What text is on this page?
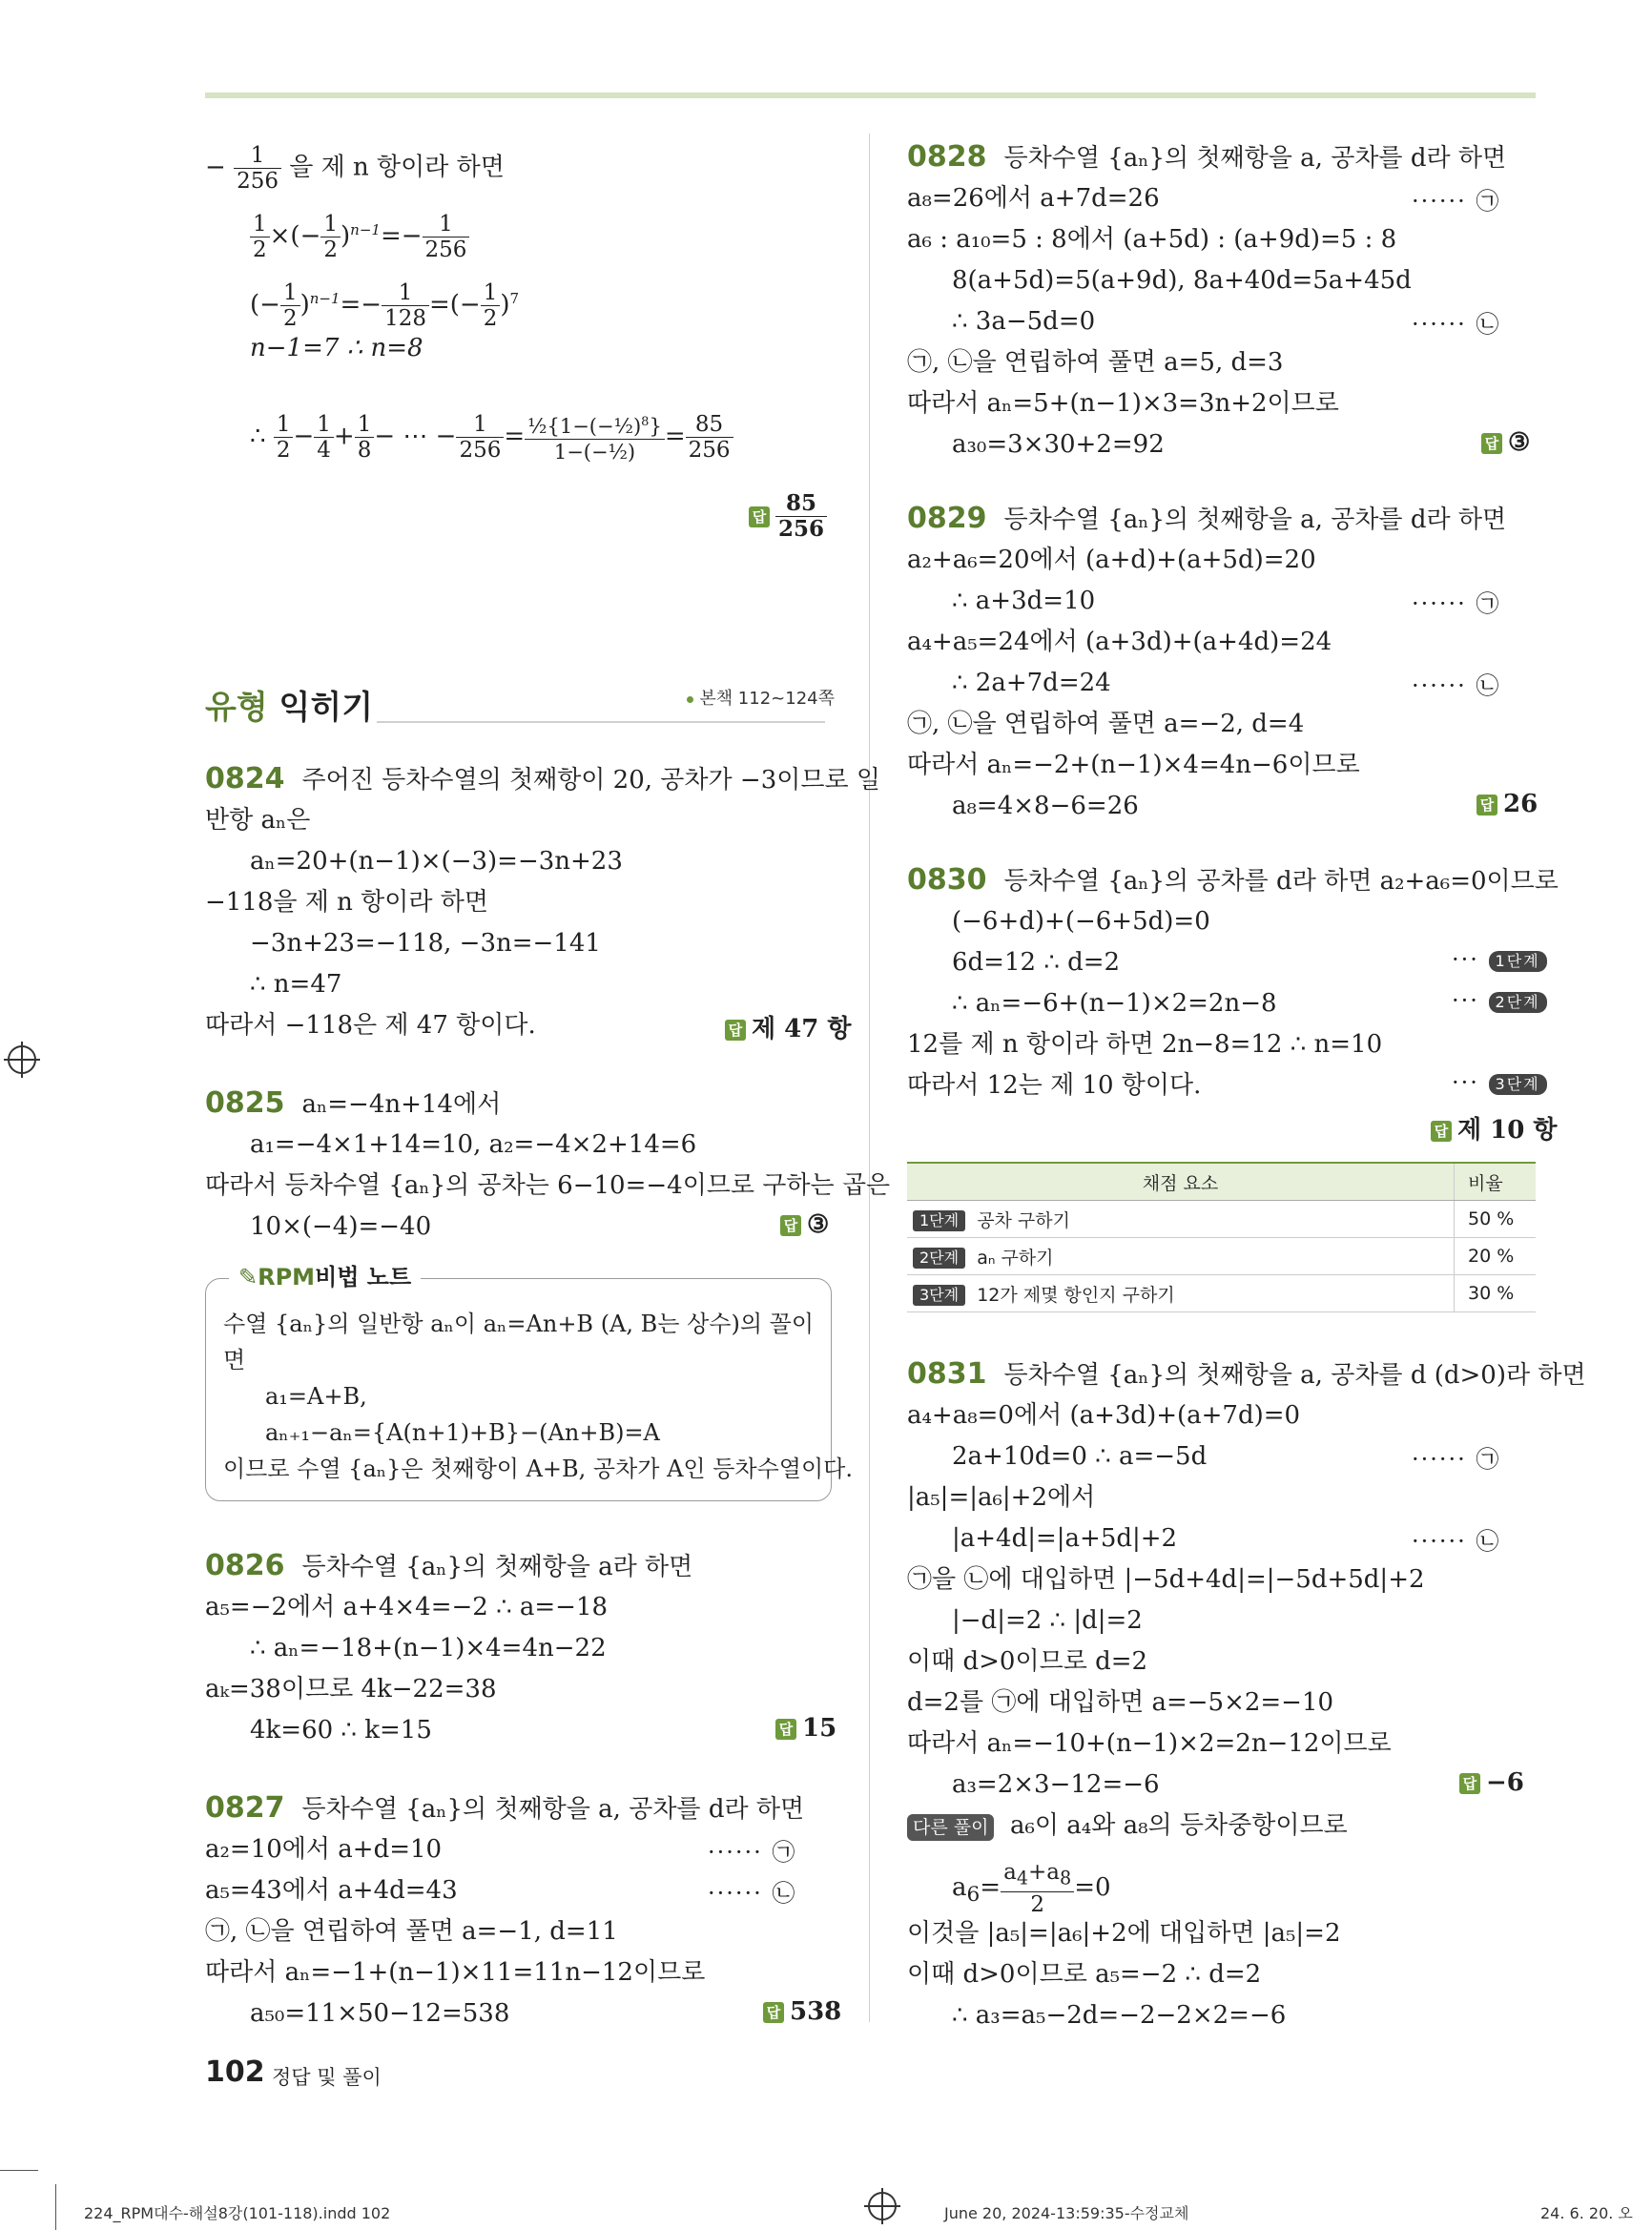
− $\frac{1}{256}$ 을 제 n 항이라 하면
$\frac{1}{2}$ ×(− $\frac{1}{2} )^{n-1}=- \frac{1}{256}$
(− $\frac{1}{2} )^{n-1}=- \frac{1}{128}$ =(− $\frac{1}{2} )^7$
n−1=7 ∴ n=8
∴ $\frac{1}{2} - \frac{1}{4} + \frac{1}{8}$ − ⋯ − $\frac{1}{256} = \frac{\frac{1}{2}\{1-(-\frac{1}{2})^8\}}{\text{1−(−½)}} = \frac{85}{256}$
답 $\frac{85}{256}$
유형 익히기	본책 112~124쪽
0824 주어진 등차수열의 첫째항이 20, 공차가 −3이므로 일
반항 aₙ은
aₙ=20+(n−1)×(−3)=−3n+23
−118을 제 n 항이라 하면
−3n+23=−118, −3n=−141
∴ n=47
따라서 −118은 제 47 항이다.	답 제 47 항
0825 aₙ=−4n+14에서
a₁=−4×1+14=10, a₂=−4×2+14=6
따라서 등차수열 {aₙ}의 공차는 6−10=−4이므로 구하는 곱은
10×(−4)=−40	답 ③
✎RPM비법 노트
수열 {aₙ}의 일반항 aₙ이 aₙ=An+B (A, B는 상수)의 꼴이
면
a₁=A+B,
aₙ₊₁−aₙ={A(n+1)+B}−(An+B)=A
이므로 수열 {aₙ}은 첫째항이 A+B, 공차가 A인 등차수열이다.
0826 등차수열 {aₙ}의 첫째항을 a라 하면
a₅=−2에서 a+4×4=−2 ∴ a=−18
∴ aₙ=−18+(n−1)×4=4n−22
aₖ=38이므로 4k−22=38
4k=60 ∴ k=15	답 15
0827 등차수열 {aₙ}의 첫째항을 a, 공차를 d라 하면
a₂=10에서 a+d=10	······ ㉠
a₅=43에서 a+4d=43	······ ㉡
㉠, ㉡을 연립하여 풀면 a=−1, d=11
따라서 aₙ=−1+(n−1)×11=11n−12이므로
a₅₀=11×50−12=538	답 538
0828 등차수열 {aₙ}의 첫째항을 a, 공차를 d라 하면
a₈=26에서 a+7d=26	······ ㉠
a₆ : a₁₀=5 : 8에서 (a+5d) : (a+9d)=5 : 8
8(a+5d)=5(a+9d), 8a+40d=5a+45d
∴ 3a−5d=0	······ ㉡
㉠, ㉡을 연립하여 풀면 a=5, d=3
따라서 aₙ=5+(n−1)×3=3n+2이므로
a₃₀=3×30+2=92	답 ③
0829 등차수열 {aₙ}의 첫째항을 a, 공차를 d라 하면
a₂+a₆=20에서 (a+d)+(a+5d)=20
∴ a+3d=10	······ ㉠
a₄+a₅=24에서 (a+3d)+(a+4d)=24
∴ 2a+7d=24	······ ㉡
㉠, ㉡을 연립하여 풀면 a=−2, d=4
따라서 aₙ=−2+(n−1)×4=4n−6이므로
a₈=4×8−6=26	답 26
0830 등차수열 {aₙ}의 공차를 d라 하면 a₂+a₆=0이므로
(−6+d)+(−6+5d)=0
6d=12 ∴ d=2	··· 1단계
∴ aₙ=−6+(n−1)×2=2n−8	··· 2단계
12를 제 n 항이라 하면 2n−8=12 ∴ n=10
따라서 12는 제 10 항이다.	··· 3단계
답 제 10 항
채점 요소	비율
1단계 공차 구하기	50 %
2단계 aₙ 구하기	20 %
3단계 12가 제몇 항인지 구하기	30 %
0831 등차수열 {aₙ}의 첫째항을 a, 공차를 d (d>0)라 하면
a₄+a₈=0에서 (a+3d)+(a+7d)=0
2a+10d=0 ∴ a=−5d	······ ㉠
|a₅|=|a₆|+2에서
|a+4d|=|a+5d|+2	······ ㉡
㉠을 ㉡에 대입하면 |−5d+4d|=|−5d+5d|+2
|−d|=2 ∴ |d|=2
이때 d>0이므로 d=2
d=2를 ㉠에 대입하면 a=−5×2=−10
따라서 aₙ=−10+(n−1)×2=2n−12이므로
a₃=2×3−12=−6	답 −6
다른 풀이 a₆이 a₄와 a₈의 등차중항이므로
$a_6= \frac{a_4+a_8}{2} =0$
이것을 |a₅|=|a₆|+2에 대입하면 |a₅|=2
이때 d>0이므로 a₅=−2 ∴ d=2
∴ a₃=a₅−2d=−2−2×2=−6
102 정답 및 풀이
224_RPM대수-해설8강(101-118).indd 102	June 20, 2024-13:59:35-수정교체	24. 6. 20. 오
